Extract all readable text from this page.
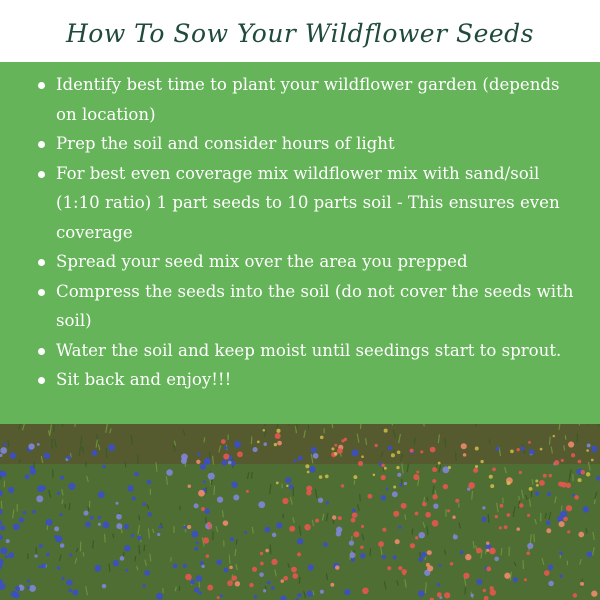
How To Sow Your Wildflower Seeds
Identify best time to plant your wildflower garden (depends on location)
Prep the soil and consider hours of light
For best even coverage mix wildflower mix with sand/soil (1:10 ratio) 1 part seeds to 10 parts soil - This ensures even coverage
Spread your seed mix over the area you prepped
Compress the seeds into the soil (do not cover the seeds with soil)
Water the soil and keep moist until seedings start to sprout.
Sit back and enjoy!!!
